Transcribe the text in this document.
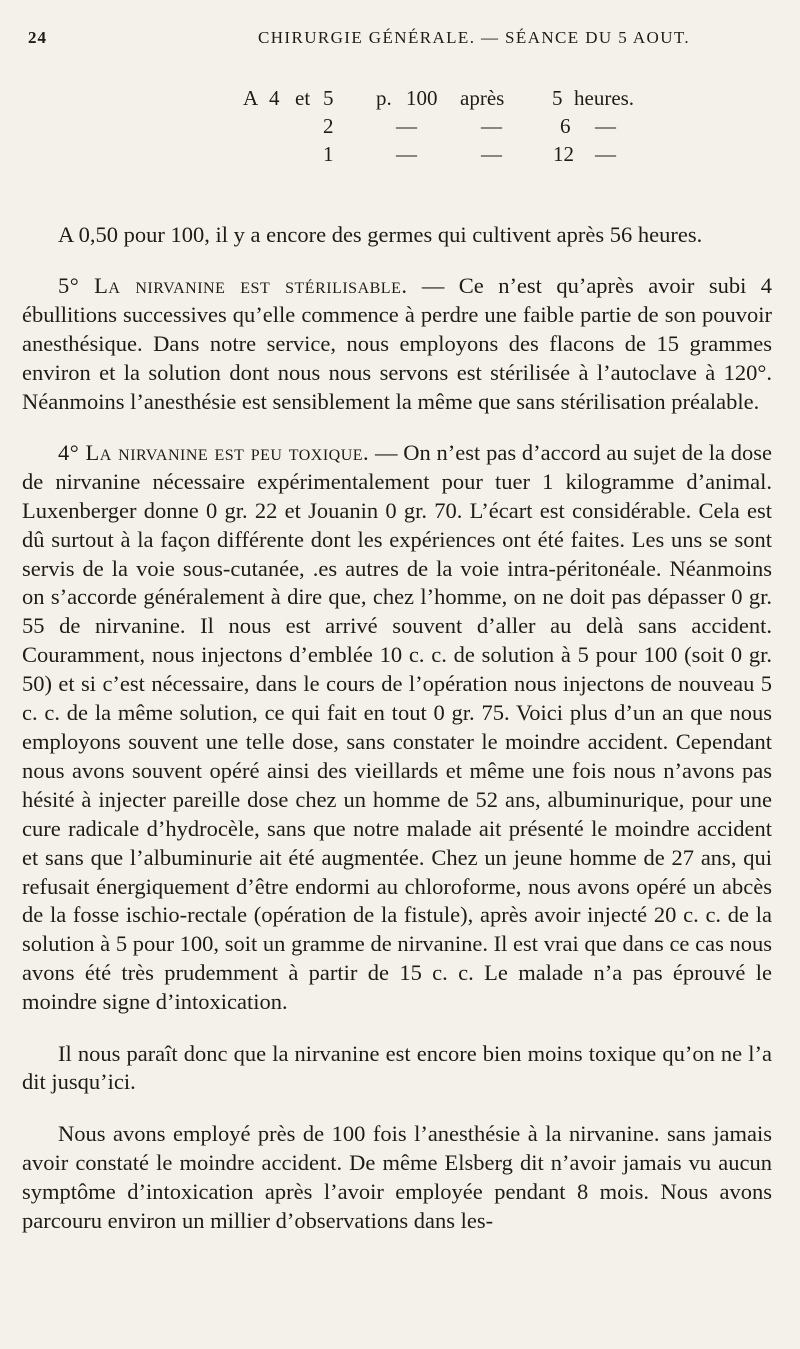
24	CHIRURGIE GÉNÉRALE. — SÉANCE DU 5 AOUT.
A 4 et 5 p. 100 après 5 heures.
2	—	—	6 —
1	—	— 12 —

A 0,50 pour 100, il y a encore des germes qui cultivent après 56 heures.

5° La nirvanine est stérilisable. — Ce n’est qu’après avoir subi 4 ébullitions successives qu’elle commence à perdre une faible partie de son pouvoir anesthésique. Dans notre service, nous employons des flacons de 15 grammes environ et la solution dont nous nous servons est stérilisée à l’autoclave à 120°. Néanmoins l’anesthésie est sensiblement la même que sans stérilisation préalable.

4° La nirvanine est peu toxique. — On n’est pas d’accord au sujet de la dose de nirvanine nécessaire expérimentalement pour tuer 1 kilogramme d’animal. Luxenberger donne 0 gr. 22 et Jouanin 0 gr. 70. L’écart est considérable. Cela est dû surtout à la façon différente dont les expériences ont été faites. Les uns se sont servis de la voie sous-cutanée, .es autres de la voie intra-péritonéale. Néanmoins on s’accorde généralement à dire que, chez l’homme, on ne doit pas dépasser 0 gr. 55 de nirvanine. Il nous est arrivé souvent d’aller au delà sans accident. Couramment, nous injectons d’emblée 10 c. c. de solution à 5 pour 100 (soit 0 gr. 50) et si c’est nécessaire, dans le cours de l’opération nous injectons de nouveau 5 c. c. de la même solution, ce qui fait en tout 0 gr. 75. Voici plus d’un an que nous employons souvent une telle dose, sans constater le moindre accident. Cependant nous avons souvent opéré ainsi des vieillards et même une fois nous n’avons pas hésité à injecter pareille dose chez un homme de 52 ans, albuminurique, pour une cure radicale d’hydrocèle, sans que notre malade ait présenté le moindre accident et sans que l’albuminurie ait été augmentée. Chez un jeune homme de 27 ans, qui refusait énergiquement d’être endormi au chloroforme, nous avons opéré un abcès de la fosse ischio-rectale (opération de la fistule), après avoir injecté 20 c. c. de la solution à 5 pour 100, soit un gramme de nirvanine. Il est vrai que dans ce cas nous avons été très prudemment à partir de 15 c. c. Le malade n’a pas éprouvé le moindre signe d’intoxication.

Il nous paraît donc que la nirvanine est encore bien moins toxique qu’on ne l’a dit jusqu’ici.

Nous avons employé près de 100 fois l’anesthésie à la nirvanine. sans jamais avoir constaté le moindre accident. De même Elsberg dit n’avoir jamais vu aucun symptôme d’intoxication après l’avoir employée pendant 8 mois. Nous avons parcouru environ un millier d’observations dans les-
